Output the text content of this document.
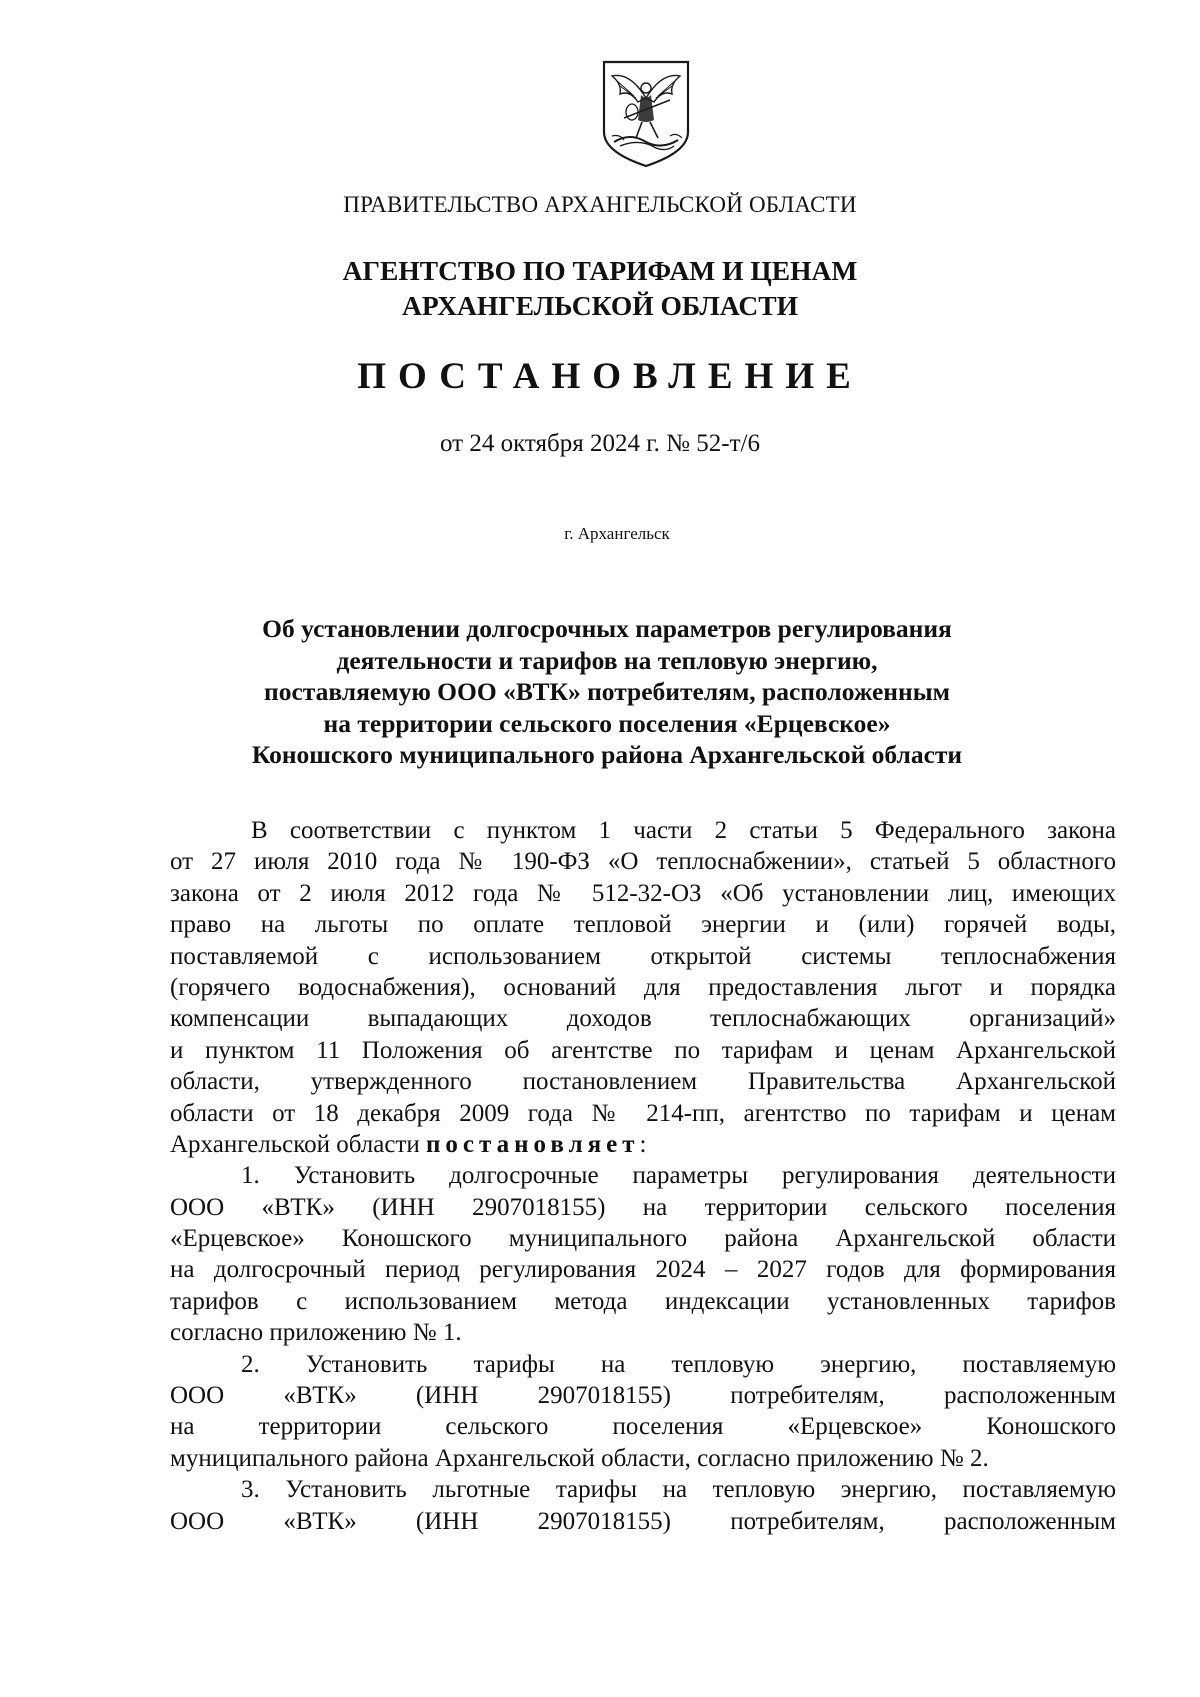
ПРАВИТЕЛЬСТВО АРХАНГЕЛЬСКОЙ ОБЛАСТИ
АГЕНТСТВО ПО ТАРИФАМ И ЦЕНАМ
АРХАНГЕЛЬСКОЙ ОБЛАСТИ
ПОСТАНОВЛЕНИЕ
от 24 октября 2024 г. № 52-т/6
г. Архангельск
Об установлении долгосрочных параметров регулирования
деятельности и тарифов на тепловую энергию,
поставляемую ООО «ВТК» потребителям, расположенным
на территории сельского поселения «Ерцевское»
Коношского муниципального района Архангельской области
В соответствии с пунктом 1 части 2 статьи 5 Федерального закона
от 27 июля 2010 года № 190-ФЗ «О теплоснабжении», статьей 5 областного
закона от 2 июля 2012 года № 512-32-ОЗ «Об установлении лиц, имеющих
право на льготы по оплате тепловой энергии и (или) горячей воды,
поставляемой с использованием открытой системы теплоснабжения
(горячего водоснабжения), оснований для предоставления льгот и порядка
компенсации выпадающих доходов теплоснабжающих организаций»
и пунктом 11 Положения об агентстве по тарифам и ценам Архангельской
области, утвержденного постановлением Правительства Архангельской
области от 18 декабря 2009 года № 214-пп, агентство по тарифам и ценам
Архангельской области постановляет:
1. Установить долгосрочные параметры регулирования деятельности
ООО «ВТК» (ИНН 2907018155) на территории сельского поселения
«Ерцевское» Коношского муниципального района Архангельской области
на долгосрочный период регулирования 2024 – 2027 годов для формирования
тарифов с использованием метода индексации установленных тарифов
согласно приложению № 1.
2. Установить тарифы на тепловую энергию, поставляемую
ООО «ВТК» (ИНН 2907018155) потребителям, расположенным
на территории сельского поселения «Ерцевское» Коношского
муниципального района Архангельской области, согласно приложению № 2.
3. Установить льготные тарифы на тепловую энергию, поставляемую
ООО «ВТК» (ИНН 2907018155) потребителям, расположенным
